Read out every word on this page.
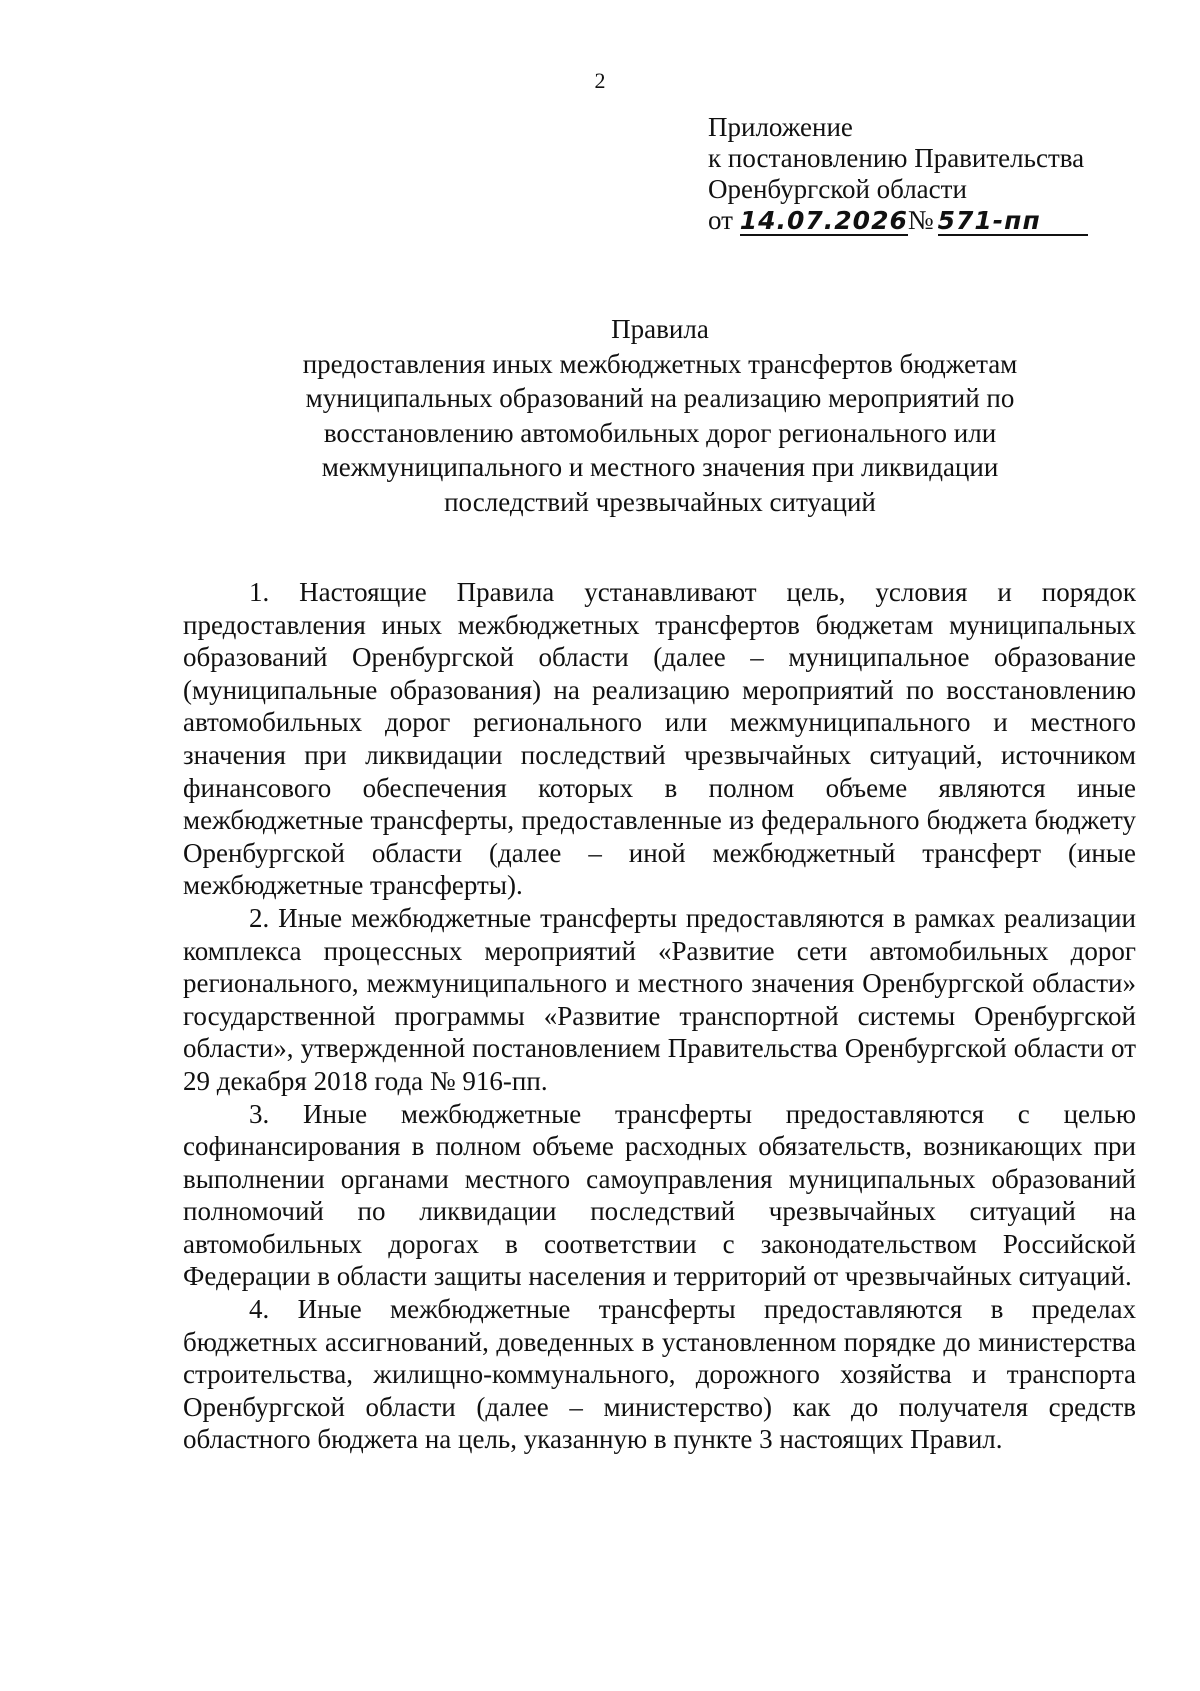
2
Приложение
к постановлению Правительства
Оренбургской области
от 14.07.2026№ 571-пп
Правила
предоставления иных межбюджетных трансфертов бюджетам
муниципальных образований на реализацию мероприятий по
восстановлению автомобильных дорог регионального или
межмуниципального и местного значения при ликвидации
последствий чрезвычайных ситуаций

1. Настоящие Правила устанавливают цель, условия и порядок предоставления иных межбюджетных трансфертов бюджетам муниципальных образований Оренбургской области (далее – муниципальное образование (муниципальные образования) на реализацию мероприятий по восстановлению автомобильных дорог регионального или межмуниципального и местного значения при ликвидации последствий чрезвычайных ситуаций, источником финансового обеспечения которых в полном объеме являются иные межбюджетные трансферты, предоставленные из федерального бюджета бюджету Оренбургской области (далее – иной межбюджетный трансферт (иные межбюджетные трансферты).

2. Иные межбюджетные трансферты предоставляются в рамках реализации комплекса процессных мероприятий «Развитие сети автомобильных дорог регионального, межмуниципального и местного значения Оренбургской области» государственной программы «Развитие транспортной системы Оренбургской области», утвержденной постановлением Правительства Оренбургской области от 29 декабря 2018 года № 916-пп.

3. Иные межбюджетные трансферты предоставляются с целью софинансирования в полном объеме расходных обязательств, возникающих при выполнении органами местного самоуправления муниципальных образований полномочий по ликвидации последствий чрезвычайных ситуаций на автомобильных дорогах в соответствии с законодательством Российской Федерации в области защиты населения и территорий от чрезвычайных ситуаций.

4. Иные межбюджетные трансферты предоставляются в пределах бюджетных ассигнований, доведенных в установленном порядке до министерства строительства, жилищно-коммунального, дорожного хозяйства и транспорта Оренбургской области (далее – министерство) как до получателя средств областного бюджета на цель, указанную в пункте 3 настоящих Правил.
